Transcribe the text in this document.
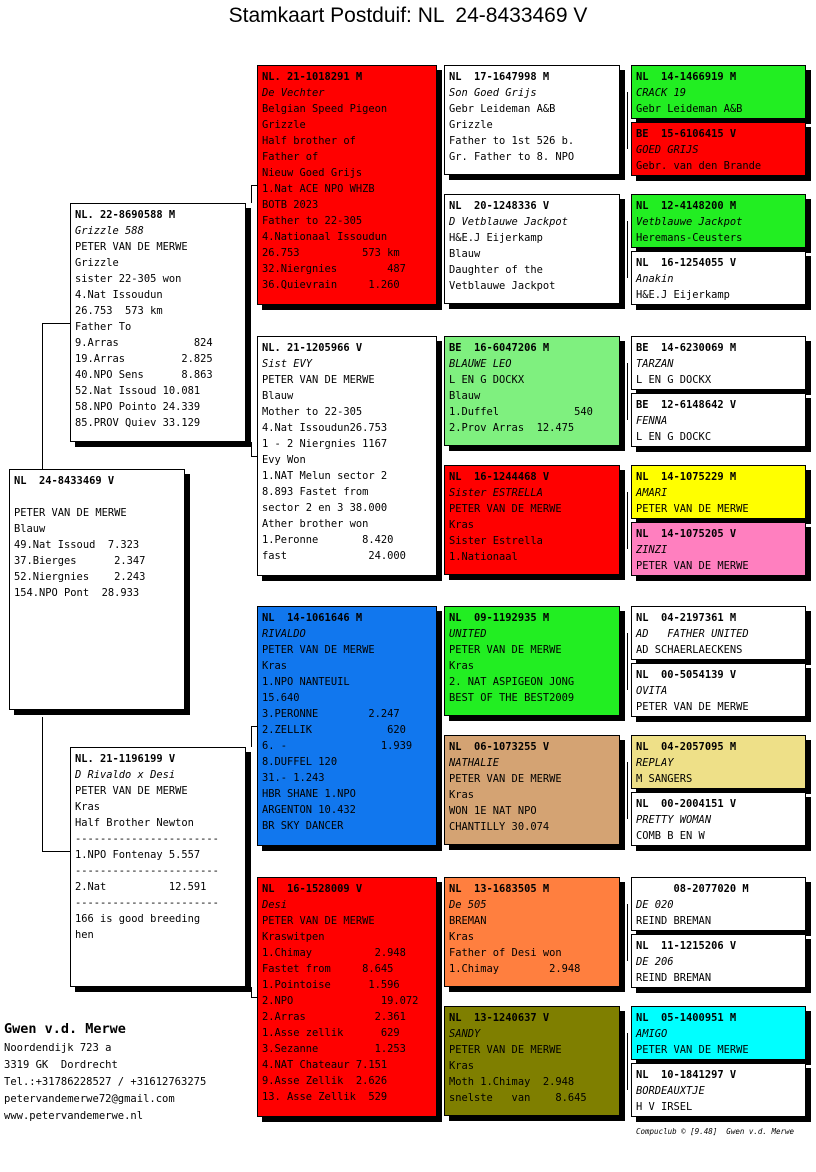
Stamkaart Postduif: NL  24-8433469 V
NL  24-8433469 V
PETER VAN DE MERWE
Blauw
49.Nat Issoud  7.323
37.Bierges      2.347
52.Niergnies    2.243
154.NPO Pont  28.933
NL. 22-8690588 M
Grizzle 588
PETER VAN DE MERWE
Grizzle
sister 22-305 won
4.Nat Issoudun
26.753  573 km
Father To
9.Arras            824
19.Arras         2.825
40.NPO Sens      8.863
52.Nat Issoud 10.081
58.NPO Pointo 24.339
85.PROV Quiev 33.129
NL. 21-1196199 V
D Rivaldo x Desi
PETER VAN DE MERWE
Kras
Half Brother Newton
-----------------------
1.NPO Fontenay 5.557
-----------------------
2.Nat          12.591
-----------------------
166 is good breeding
hen
NL. 21-1018291 M
De Vechter
Belgian Speed Pigeon
Grizzle
Half brother of
Father of
Nieuw Goed Grijs
1.Nat ACE NPO WHZB
BOTB 2023
Father to 22-305
4.Nationaal Issoudun
26.753          573 km
32.Niergnies        487
36.Quievrain     1.260
NL. 21-1205966 V
Sist EVY
PETER VAN DE MERWE
Blauw
Mother to 22-305
4.Nat Issoudun26.753
1 - 2 Niergnies 1167
Evy Won
1.NAT Melun sector 2
8.893 Fastet from
sector 2 en 3 38.000
Ather brother won
1.Peronne       8.420
fast             24.000
NL  14-1061646 M
RIVALDO
PETER VAN DE MERWE
Kras
1.NPO NANTEUIL
15.640
3.PERONNE        2.247
2.ZELLIK            620
6. -               1.939
8.DUFFEL 120
31.- 1.243
HBR SHANE 1.NPO
ARGENTON 10.432
BR SKY DANCER
NL  16-1528009 V
Desi
PETER VAN DE MERWE
Kraswitpen
1.Chimay          2.948
Fastet from     8.645
1.Pointoise      1.596
2.NPO              19.072
2.Arras           2.361
1.Asse zellik      629
3.Sezanne         1.253
4.NAT Chateaur 7.151
9.Asse Zellik  2.626
13. Asse Zellik  529
NL  17-1647998 M
Son Goed Grijs
Gebr Leideman A&B
Grizzle
Father to 1st 526 b.
Gr. Father to 8. NPO
NL  20-1248336 V
D Vetblauwe Jackpot
H&E.J Eijerkamp
Blauw
Daughter of the
Vetblauwe Jackpot
BE  16-6047206 M
BLAUWE LEO
L EN G DOCKX
Blauw
1.Duffel            540
2.Prov Arras  12.475
NL  16-1244468 V
Sister ESTRELLA
PETER VAN DE MERWE
Kras
Sister Estrella
1.Nationaal
NL  09-1192935 M
UNITED
PETER VAN DE MERWE
Kras
2. NAT ASPIGEON JONG
BEST OF THE BEST2009
NL  06-1073255 V
NATHALIE
PETER VAN DE MERWE
Kras
WON 1E NAT NPO
CHANTILLY 30.074
NL  13-1683505 M
De 505
BREMAN
Kras
Father of Desi won
1.Chimay        2.948
NL  13-1240637 V
SANDY
PETER VAN DE MERWE
Kras
Moth 1.Chimay  2.948
snelste   van    8.645
NL  14-1466919 M
CRACK 19
Gebr Leideman A&B
BE  15-6106415 V
GOED GRIJS
Gebr. van den Brande
NL  12-4148200 M
Vetblauwe Jackpot
Heremans-Ceusters
NL  16-1254055 V
Anakin
H&E.J Eijerkamp
BE  14-6230069 M
TARZAN
L EN G DOCKX
BE  12-6148642 V
FENNA
L EN G DOCKC
NL  14-1075229 M
AMARI
PETER VAN DE MERWE
NL  14-1075205 V
ZINZI
PETER VAN DE MERWE
NL  04-2197361 M
AD   FATHER UNITED
AD SCHAERLAECKENS
NL  00-5054139 V
OVITA
PETER VAN DE MERWE
NL  04-2057095 M
REPLAY
M SANGERS
NL  00-2004151 V
PRETTY WOMAN
COMB B EN W
08-2077020 M
DE 020
REIND BREMAN
NL  11-1215206 V
DE 206
REIND BREMAN
NL  05-1400951 M
AMIGO
PETER VAN DE MERWE
NL  10-1841297 V
BORDEAUXTJE
H V IRSEL
Gwen v.d. Merwe
Noordendijk 723 a
3319 GK  Dordrecht
Tel.:+31786228527 / +31612763275
petervandemerwe72@gmail.com
www.petervandemerwe.nl
Compuclub © [9.48]  Gwen v.d. Merwe
